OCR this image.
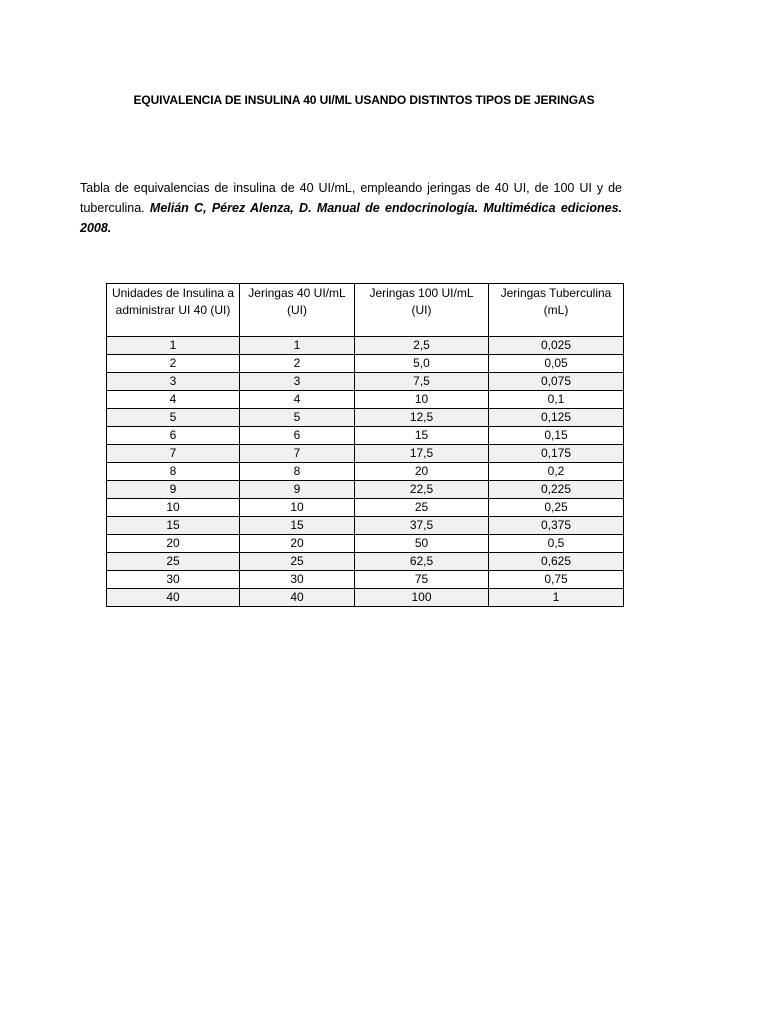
EQUIVALENCIA DE INSULINA 40 UI/ML USANDO DISTINTOS TIPOS DE JERINGAS

Tabla de equivalencias de insulina de 40 UI/mL, empleando jeringas de 40 UI, de 100 UI y de tuberculina. Melián C, Pérez Alenza, D. Manual de endocrinología. Multimédica ediciones. 2008.

Unidades de Insulina a administrar UI 40 (UI)	Jeringas 40 UI/mL (UI)	Jeringas 100 UI/mL (UI)	Jeringas Tuberculina (mL)
1	1	2,5	0,025
2	2	5,0	0,05
3	3	7,5	0,075
4	4	10	0,1
5	5	12,5	0,125
6	6	15	0,15
7	7	17,5	0,175
8	8	20	0,2
9	9	22,5	0,225
10	10	25	0,25
15	15	37,5	0,375
20	20	50	0,5
25	25	62,5	0,625
30	30	75	0,75
40	40	100	1
